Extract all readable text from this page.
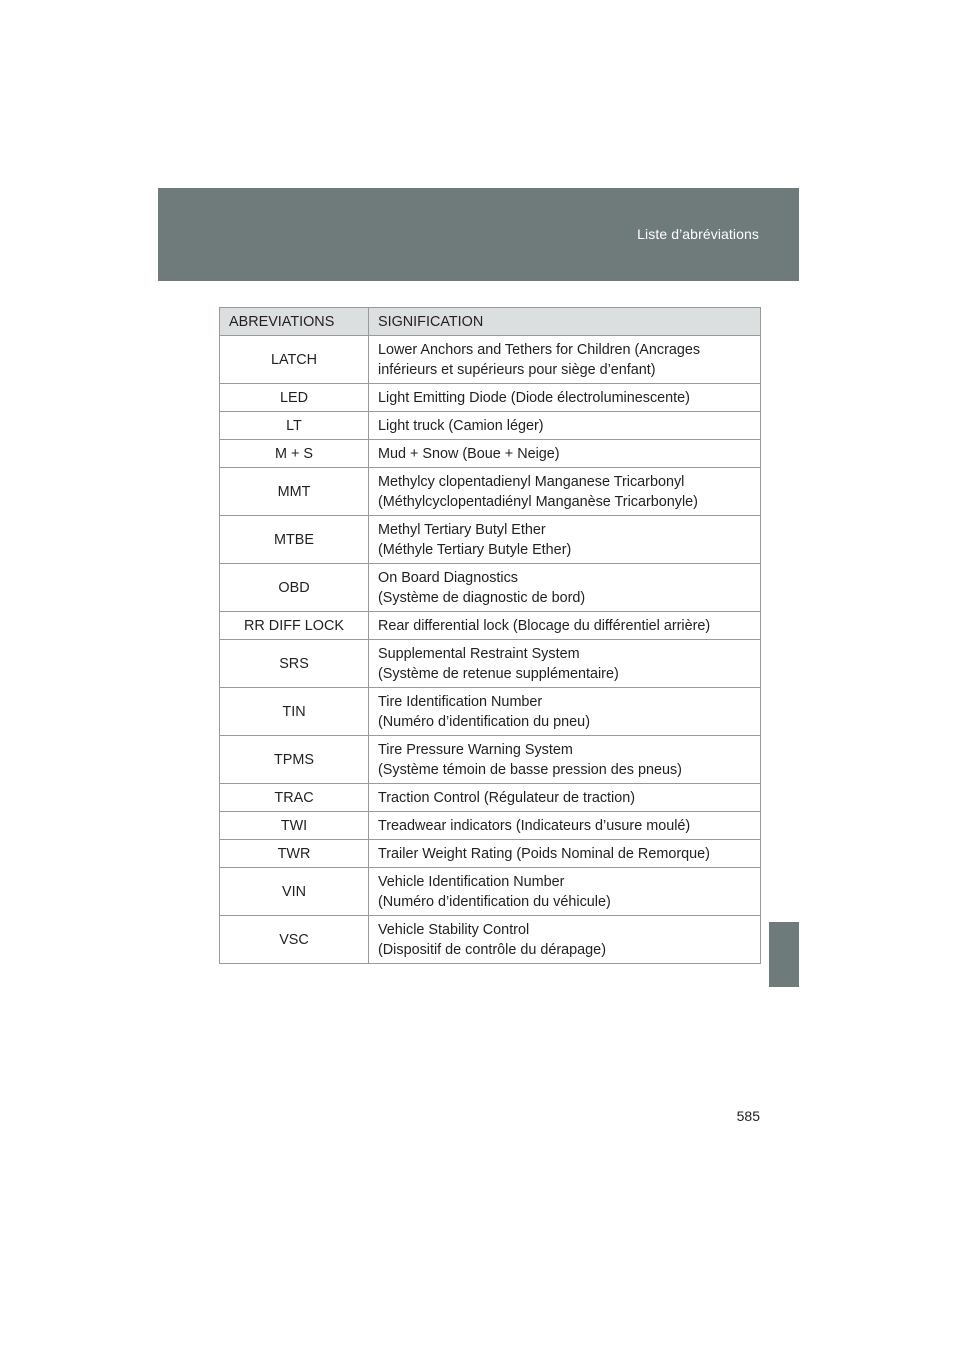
Liste d’abréviations
ABREVIATIONS	SIGNIFICATION
LATCH	Lower Anchors and Tethers for Children (Ancrages
inférieurs et supérieurs pour siège d’enfant)

LED	Light Emitting Diode (Diode électroluminescente)

LT	Light truck (Camion léger)

M + S	Mud + Snow (Boue + Neige)

MMT	Methylcy clopentadienyl Manganese Tricarbonyl
(Méthylcyclopentadiényl Manganèse Tricarbonyle)

MTBE	Methyl Tertiary Butyl Ether
(Méthyle Tertiary Butyle Ether)

OBD	On Board Diagnostics
(Système de diagnostic de bord)

RR DIFF LOCK	Rear differential lock (Blocage du différentiel arrière)

SRS	Supplemental Restraint System
(Système de retenue supplémentaire)

TIN	Tire Identification Number
(Numéro d’identification du pneu)

TPMS	Tire Pressure Warning System
(Système témoin de basse pression des pneus)

TRAC	Traction Control (Régulateur de traction)

TWI	Treadwear indicators (Indicateurs d’usure moulé)

TWR	Trailer Weight Rating (Poids Nominal de Remorque)

VIN	Vehicle Identification Number
(Numéro d’identification du véhicule)

VSC	Vehicle Stability Control
(Dispositif de contrôle du dérapage)
585
